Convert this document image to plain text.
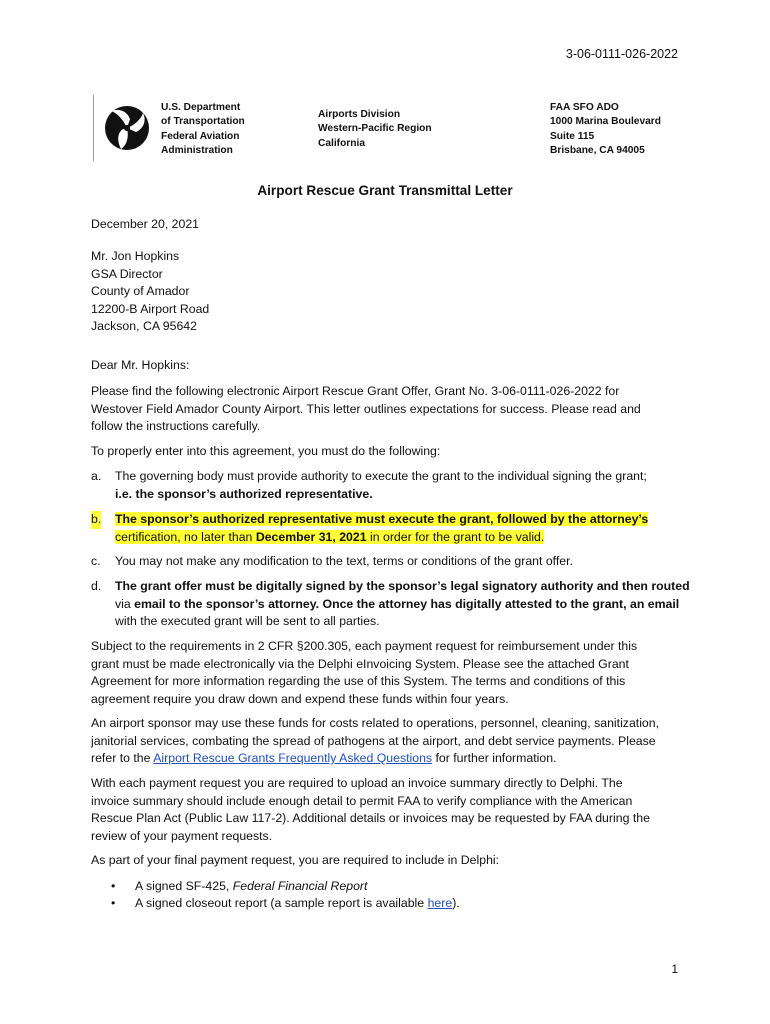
3-06-0111-026-2022
U.S. Department
of Transportation
Federal Aviation
Administration
Airports Division
Western-Pacific Region
California
FAA SFO ADO
1000 Marina Boulevard
Suite 115
Brisbane, CA 94005
Airport Rescue Grant Transmittal Letter
December 20, 2021
Mr. Jon Hopkins
GSA Director
County of Amador
12200-B Airport Road
Jackson, CA 95642
Dear Mr. Hopkins:
Please find the following electronic Airport Rescue Grant Offer, Grant No. 3-06-0111-026-2022 for
Westover Field Amador County Airport. This letter outlines expectations for success. Please read and
follow the instructions carefully.
To properly enter into this agreement, you must do the following:
a. The governing body must provide authority to execute the grant to the individual signing the grant;
i.e. the sponsor’s authorized representative.
b. The sponsor’s authorized representative must execute the grant, followed by the attorney’s
certification, no later than December 31, 2021 in order for the grant to be valid.
c. You may not make any modification to the text, terms or conditions of the grant offer.
d. The grant offer must be digitally signed by the sponsor’s legal signatory authority and then routed
via email to the sponsor’s attorney. Once the attorney has digitally attested to the grant, an email
with the executed grant will be sent to all parties.
Subject to the requirements in 2 CFR §200.305, each payment request for reimbursement under this
grant must be made electronically via the Delphi eInvoicing System. Please see the attached Grant
Agreement for more information regarding the use of this System. The terms and conditions of this
agreement require you draw down and expend these funds within four years.
An airport sponsor may use these funds for costs related to operations, personnel, cleaning, sanitization,
janitorial services, combating the spread of pathogens at the airport, and debt service payments. Please
refer to the Airport Rescue Grants Frequently Asked Questions for further information.
With each payment request you are required to upload an invoice summary directly to Delphi. The
invoice summary should include enough detail to permit FAA to verify compliance with the American
Rescue Plan Act (Public Law 117-2). Additional details or invoices may be requested by FAA during the
review of your payment requests.
As part of your final payment request, you are required to include in Delphi:
• A signed SF-425, Federal Financial Report
• A signed closeout report (a sample report is available here).
1
